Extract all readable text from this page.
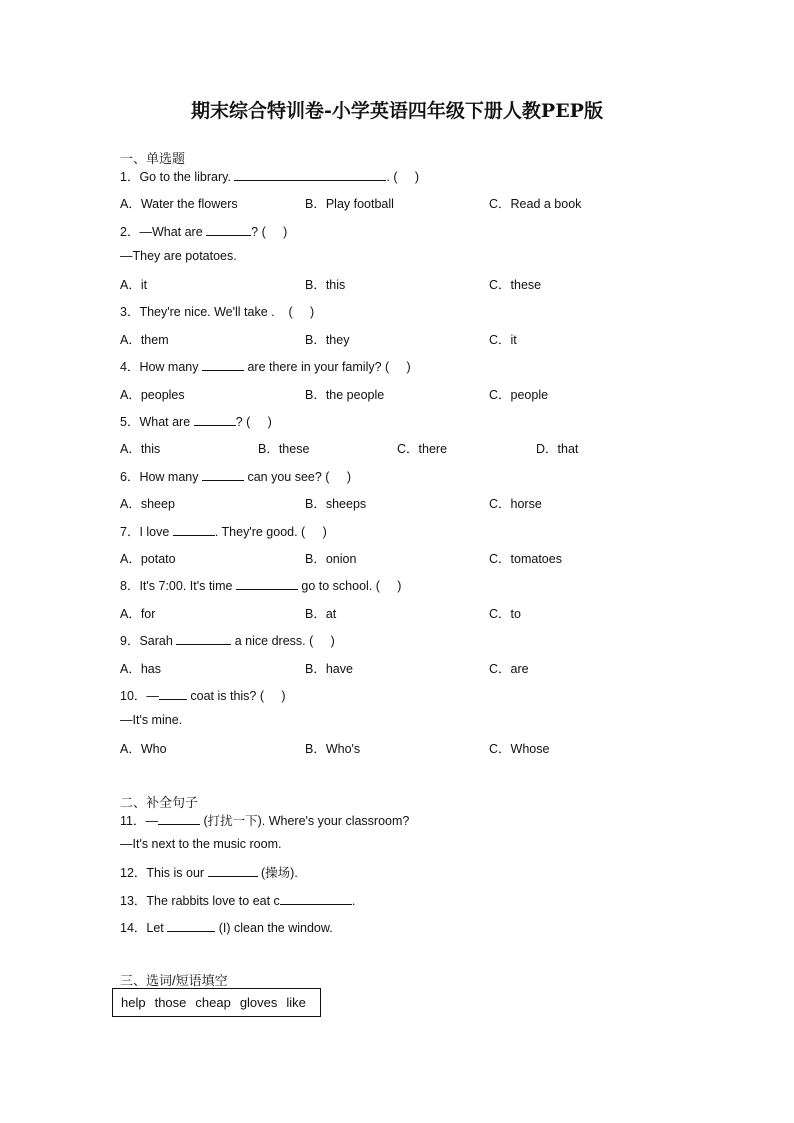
期末综合特训卷-小学英语四年级下册人教PEP版
一、单选题
1．Go to the library.	. (     )
A．Water the flowers	B．Play football	C．Read a book
2．—What are	? (     )
—They are potatoes.
A．it	B．this	C．these
3．They're nice. We'll take .    (     )
A．them	B．they	C．it
4．How many	are there in your family? (     )
A．peoples	B．the people	C．people
5．What are	? (     )
A．this	B．these	C．there	D．that
6．How many	can you see? (     )
A．sheep	B．sheeps	C．horse
7．I love	. They're good. (     )
A．potato	B．onion	C．tomatoes
8．It's 7:00. It's time	go to school. (     )
A．for	B．at	C．to
9．Sarah	a nice dress. (     )
A．has	B．have	C．are
10．— coat is this? (     )
—It's mine.
A．Who	B．Who's	C．Whose
二、补全句子
11．—	(打扰一下). Where's your classroom?
—It's next to the music room.
12．This is our	(操场).
13．The rabbits love to eat c	.
14．Let	(I) clean the window.
三、选词/短语填空
help those cheap gloves like
